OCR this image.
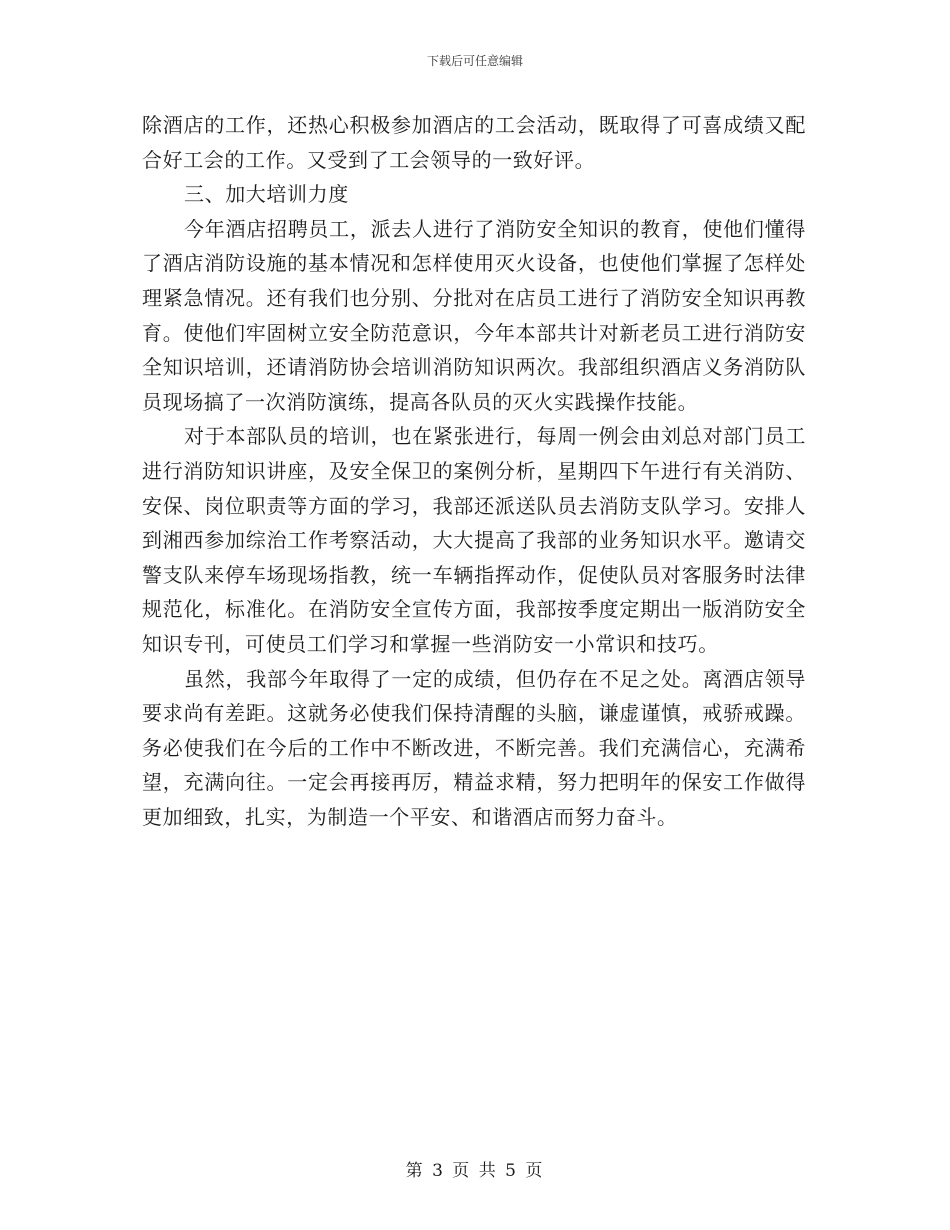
下载后可任意编辑

除酒店的工作，还热心积极参加酒店的工会活动，既取得了可喜成绩又配合好工会的工作。又受到了工会领导的一致好评。

三、加大培训力度

今年酒店招聘员工，派去人进行了消防安全知识的教育，使他们懂得了酒店消防设施的基本情况和怎样使用灭火设备，也使他们掌握了怎样处理紧急情况。还有我们也分别、分批对在店员工进行了消防安全知识再教育。使他们牢固树立安全防范意识，今年本部共计对新老员工进行消防安全知识培训，还请消防协会培训消防知识两次。我部组织酒店义务消防队员现场搞了一次消防演练，提高各队员的灭火实践操作技能。

对于本部队员的培训，也在紧张进行，每周一例会由刘总对部门员工进行消防知识讲座，及安全保卫的案例分析，星期四下午进行有关消防、安保、岗位职责等方面的学习，我部还派送队员去消防支队学习。安排人到湘西参加综治工作考察活动，大大提高了我部的业务知识水平。邀请交警支队来停车场现场指教，统一车辆指挥动作，促使队员对客服务时法律规范化，标准化。在消防安全宣传方面，我部按季度定期出一版消防安全知识专刊，可使员工们学习和掌握一些消防安一小常识和技巧。

虽然，我部今年取得了一定的成绩，但仍存在不足之处。离酒店领导要求尚有差距。这就务必使我们保持清醒的头脑，谦虚谨慎，戒骄戒躁。务必使我们在今后的工作中不断改进，不断完善。我们充满信心，充满希望，充满向往。一定会再接再厉，精益求精，努力把明年的保安工作做得更加细致，扎实，为制造一个平安、和谐酒店而努力奋斗。

第 3 页 共 5 页
